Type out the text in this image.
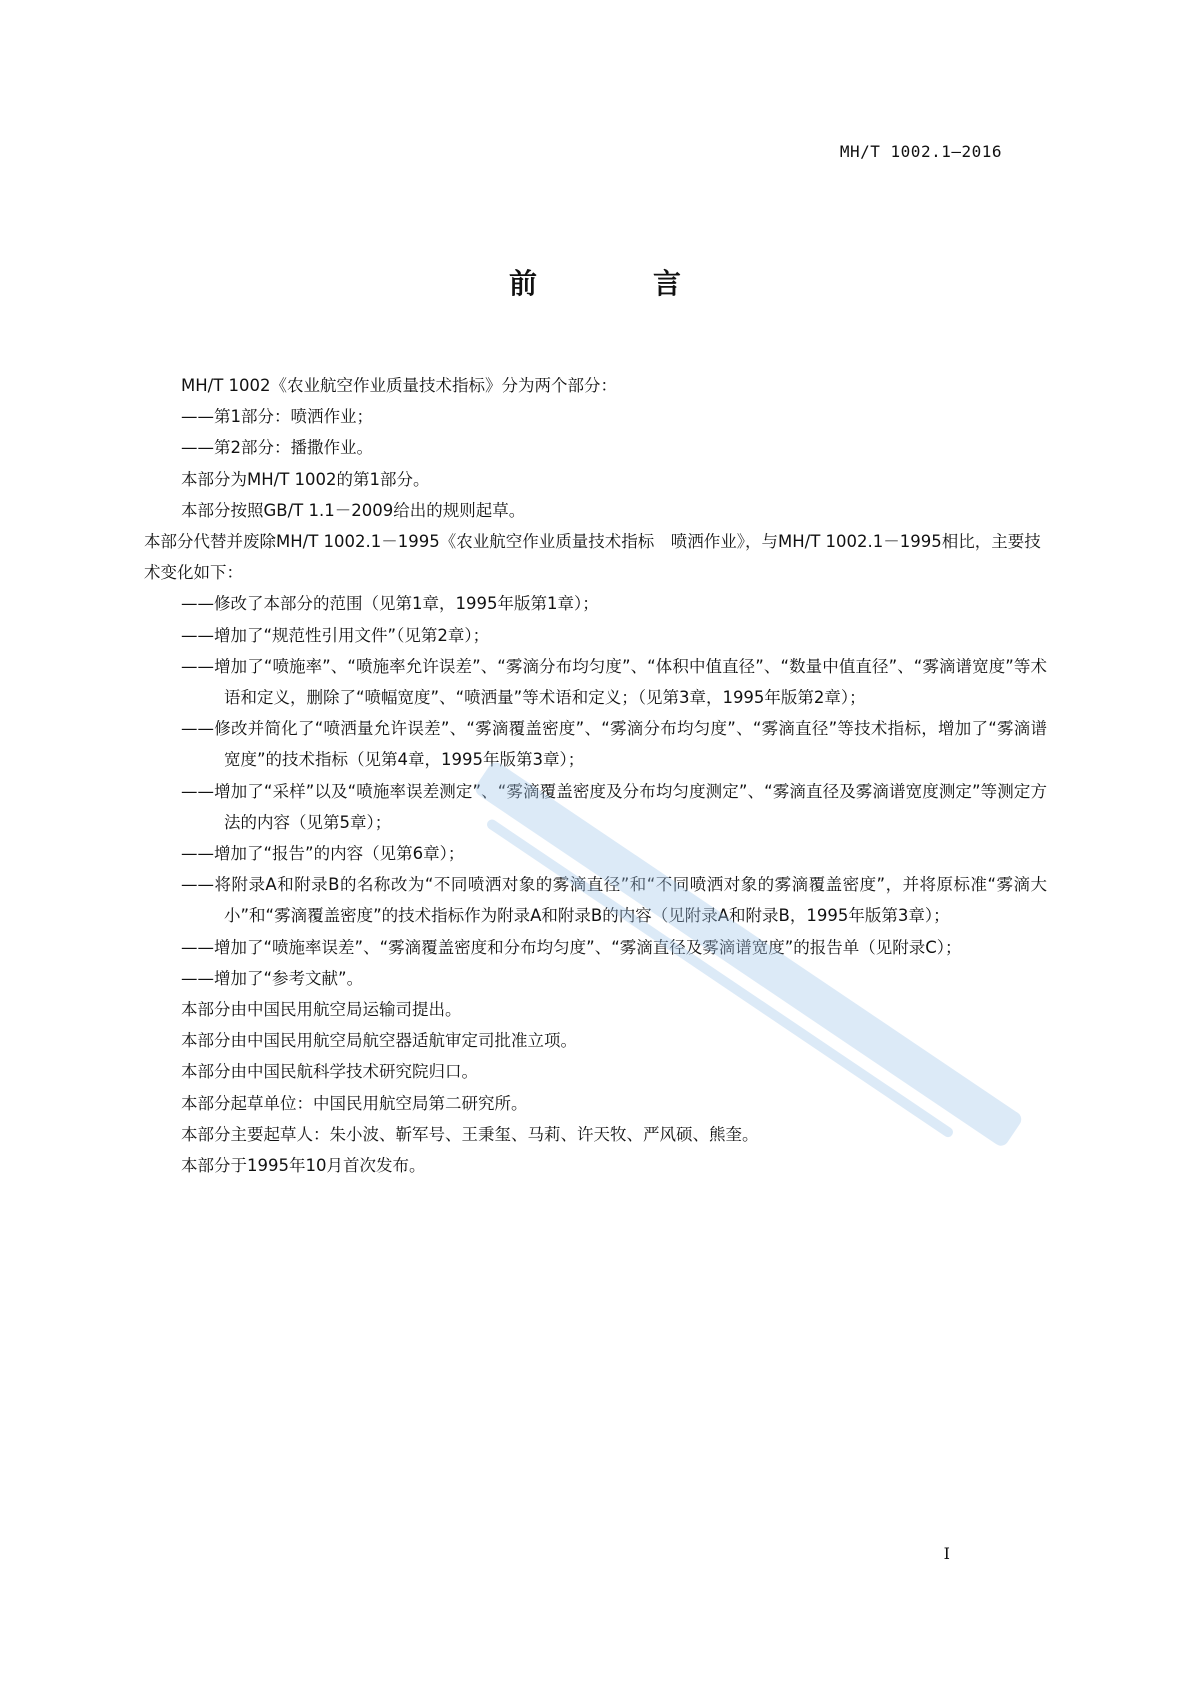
MH/T 1002.1—2016
前　言

MH/T 1002《农业航空作业质量技术指标》分为两个部分：

——第1部分：喷洒作业；

——第2部分：播撒作业。

本部分为MH/T 1002的第1部分。

本部分按照GB/T 1.1－2009给出的规则起草。

本部分代替并废除MH/T 1002.1－1995《农业航空作业质量技术指标　喷洒作业》，与MH/T 1002.1－1995相比，主要技术变化如下：

——修改了本部分的范围（见第1章，1995年版第1章）；

——增加了“规范性引用文件”（见第2章）；

——增加了“喷施率”、“喷施率允许误差”、“雾滴分布均匀度”、“体积中值直径”、“数量中值直径”、“雾滴谱宽度”等术语和定义，删除了“喷幅宽度”、“喷洒量”等术语和定义；（见第3章，1995年版第2章）；

——修改并简化了“喷洒量允许误差”、“雾滴覆盖密度”、“雾滴分布均匀度”、“雾滴直径”等技术指标，增加了“雾滴谱宽度”的技术指标（见第4章，1995年版第3章）；

——增加了“采样”以及“喷施率误差测定”、“雾滴覆盖密度及分布均匀度测定”、“雾滴直径及雾滴谱宽度测定”等测定方法的内容（见第5章）；

——增加了“报告”的内容（见第6章）；

——将附录A和附录B的名称改为“不同喷洒对象的雾滴直径”和“不同喷洒对象的雾滴覆盖密度”，并将原标准“雾滴大小”和“雾滴覆盖密度”的技术指标作为附录A和附录B的内容（见附录A和附录B，1995年版第3章）；

——增加了“喷施率误差”、“雾滴覆盖密度和分布均匀度”、“雾滴直径及雾滴谱宽度”的报告单（见附录C）；

——增加了“参考文献”。

本部分由中国民用航空局运输司提出。

本部分由中国民用航空局航空器适航审定司批准立项。

本部分由中国民航科学技术研究院归口。

本部分起草单位：中国民用航空局第二研究所。

本部分主要起草人：朱小波、靳军号、王秉玺、马莉、许天牧、严风硕、熊奎。

本部分于1995年10月首次发布。

I
